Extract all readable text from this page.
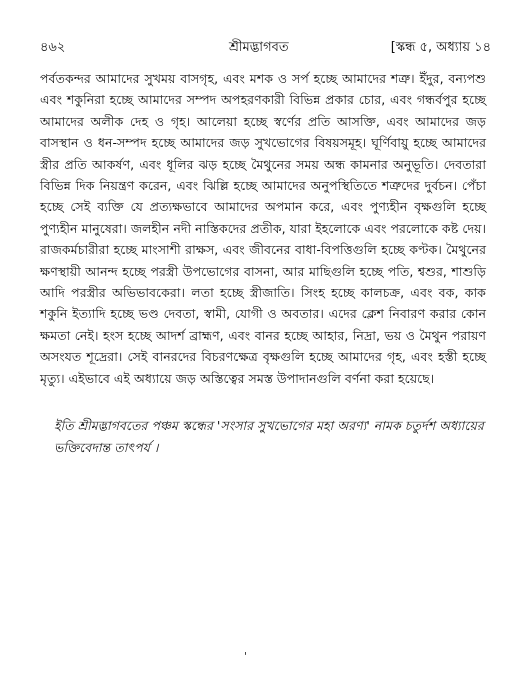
৪৬২	শ্রীমদ্ভাগবত	[স্কন্ধ ৫, অধ্যায় ১৪

পর্বতকন্দর আমাদের সুখময় বাসগৃহ, এবং মশক ও সর্প হচ্ছে আমাদের শত্রু। ইঁদুর, বন্যপশু এবং শকুনিরা হচ্ছে আমাদের সম্পদ অপহরণকারী বিভিন্ন প্রকার চোর, এবং গন্ধর্বপুর হচ্ছে আমাদের অলীক দেহ ও গৃহ। আলেয়া হচ্ছে স্বর্ণের প্রতি আসক্তি, এবং আমাদের জড় বাসস্থান ও ধন-সম্পদ হচ্ছে আমাদের জড় সুখভোগের বিষয়সমূহ। ঘূর্ণিবায়ু হচ্ছে আমাদের স্ত্রীর প্রতি আকর্ষণ, এবং ধূলির ঝড় হচ্ছে মৈথুনের সময় অন্ধ কামনার অনুভূতি। দেবতারা বিভিন্ন দিক নিয়ন্ত্রণ করেন, এবং ঝিল্লি হচ্ছে আমাদের অনুপস্থিতিতে শত্রুদের দুর্বচন। পেঁচা হচ্ছে সেই ব্যক্তি যে প্রত্যক্ষভাবে আমাদের অপমান করে, এবং পুণ্যহীন বৃক্ষগুলি হচ্ছে পুণ্যহীন মানুষেরা। জলহীন নদী নাস্তিকদের প্রতীক, যারা ইহলোকে এবং পরলোকে কষ্ট দেয়। রাজকর্মচারীরা হচ্ছে মাংসাশী রাক্ষস, এবং জীবনের বাধা-বিপত্তিগুলি হচ্ছে কণ্টক। মৈথুনের ক্ষণস্থায়ী আনন্দ হচ্ছে পরস্ত্রী উপভোগের বাসনা, আর মাছিগুলি হচ্ছে পতি, শ্বশুর, শাশুড়ি আদি পরস্ত্রীর অভিভাবকেরা। লতা হচ্ছে স্ত্রীজাতি। সিংহ হচ্ছে কালচক্র, এবং বক, কাক শকুনি ইত্যাদি হচ্ছে ভণ্ড দেবতা, স্বামী, যোগী ও অবতার। এদের ক্লেশ নিবারণ করার কোন ক্ষমতা নেই। হংস হচ্ছে আদর্শ ব্রাহ্মণ, এবং বানর হচ্ছে আহার, নিদ্রা, ভয় ও মৈথুন পরায়ণ অসংযত শূদ্রেরা। সেই বানরদের বিচরণক্ষেত্র বৃক্ষগুলি হচ্ছে আমাদের গৃহ, এবং হস্তী হচ্ছে মৃত্যু। এইভাবে এই অধ্যায়ে জড় অস্তিত্বের সমস্ত উপাদানগুলি বর্ণনা করা হয়েছে।

ইতি শ্রীমদ্ভাগবতের পঞ্চম স্কন্ধের 'সংসার সুখভোগের মহা অরণ্য' নামক চতুর্দশ অধ্যায়ের ভক্তিবেদান্ত তাৎপর্য ।

'
